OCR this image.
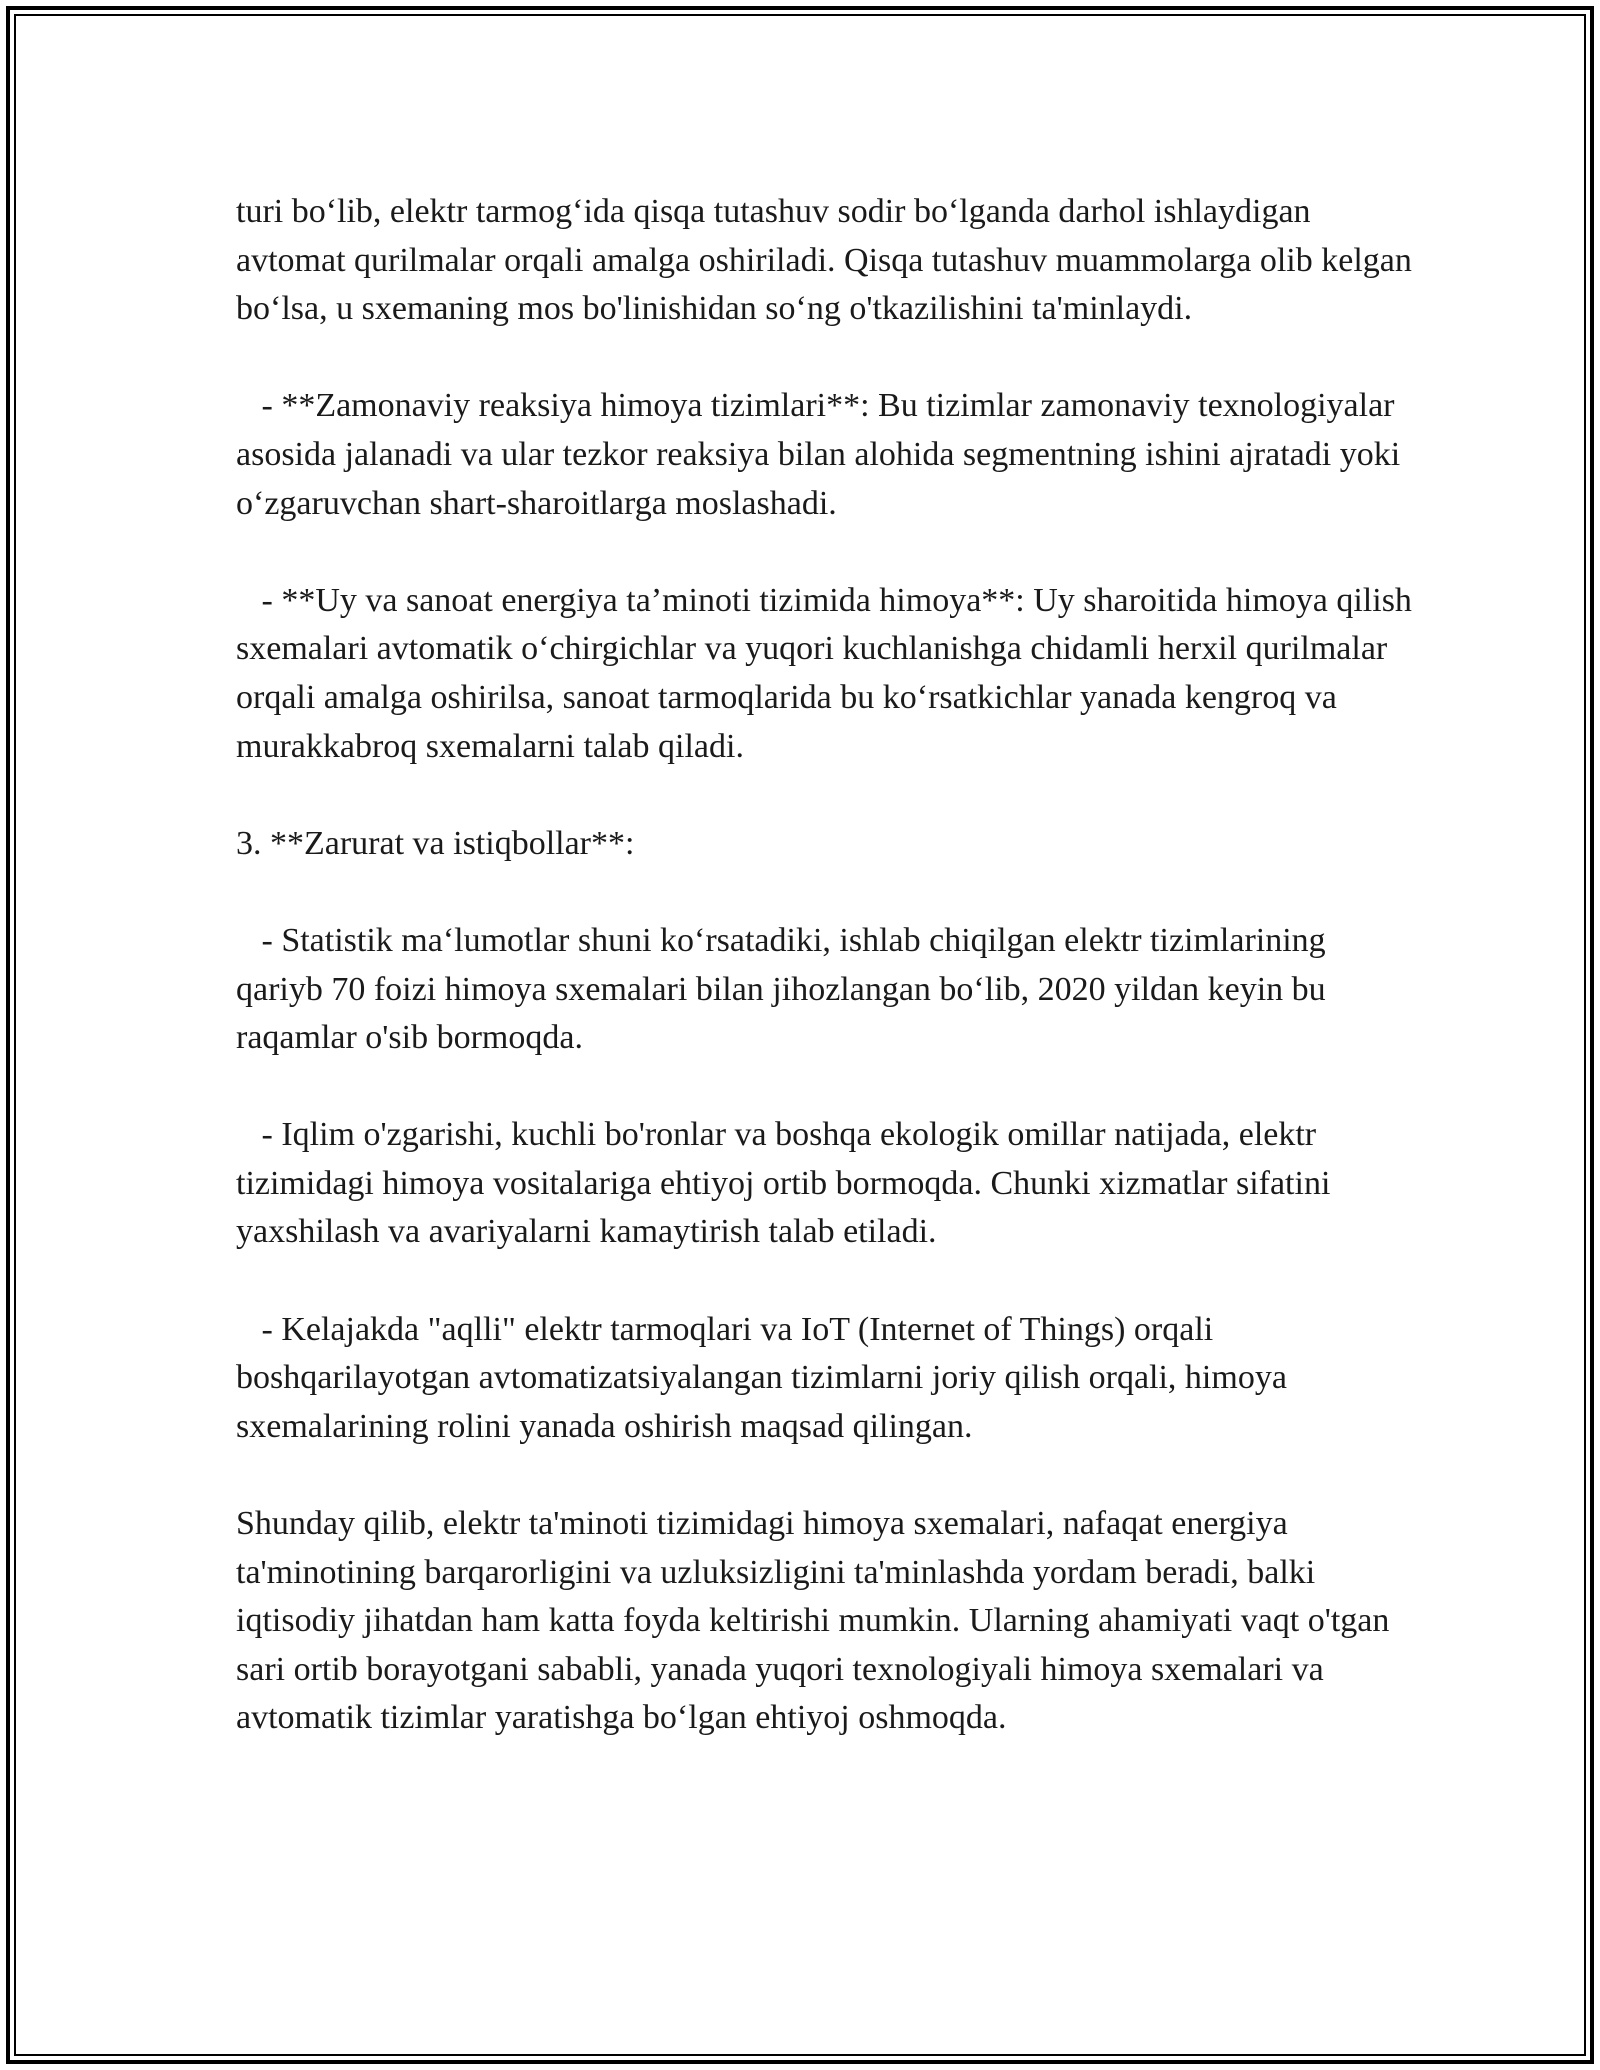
turi bo‘lib, elektr tarmog‘ida qisqa tutashuv sodir bo‘lganda darhol ishlaydigan avtomat qurilmalar orqali amalga oshiriladi. Qisqa tutashuv muammolarga olib kelgan bo‘lsa, u sxemaning mos bo'linishidan so‘ng o'tkazilishini ta'minlaydi.

- **Zamonaviy reaksiya himoya tizimlari**: Bu tizimlar zamonaviy texnologiyalar asosida jalanadi va ular tezkor reaksiya bilan alohida segmentning ishini ajratadi yoki o‘zgaruvchan shart-sharoitlarga moslashadi.

- **Uy va sanoat energiya ta’minoti tizimida himoya**: Uy sharoitida himoya qilish sxemalari avtomatik o‘chirgichlar va yuqori kuchlanishga chidamli herxil qurilmalar orqali amalga oshirilsa, sanoat tarmoqlarida bu ko‘rsatkichlar yanada kengroq va murakkabroq sxemalarni talab qiladi.

3. **Zarurat va istiqbollar**:

- Statistik ma‘lumotlar shuni ko‘rsatadiki, ishlab chiqilgan elektr tizimlarining qariyb 70 foizi himoya sxemalari bilan jihozlangan bo‘lib, 2020 yildan keyin bu raqamlar o'sib bormoqda.

- Iqlim o'zgarishi, kuchli bo'ronlar va boshqa ekologik omillar natijada, elektr tizimidagi himoya vositalariga ehtiyoj ortib bormoqda. Chunki xizmatlar sifatini yaxshilash va avariyalarni kamaytirish talab etiladi.

- Kelajakda "aqlli" elektr tarmoqlari va IoT (Internet of Things) orqali boshqarilayotgan avtomatizatsiyalangan tizimlarni joriy qilish orqali, himoya sxemalarining rolini yanada oshirish maqsad qilingan.

Shunday qilib, elektr ta'minoti tizimidagi himoya sxemalari, nafaqat energiya ta'minotining barqarorligini va uzluksizligini ta'minlashda yordam beradi, balki iqtisodiy jihatdan ham katta foyda keltirishi mumkin. Ularning ahamiyati vaqt o'tgan sari ortib borayotgani sababli, yanada yuqori texnologiyali himoya sxemalari va avtomatik tizimlar yaratishga bo‘lgan ehtiyoj oshmoqda.
